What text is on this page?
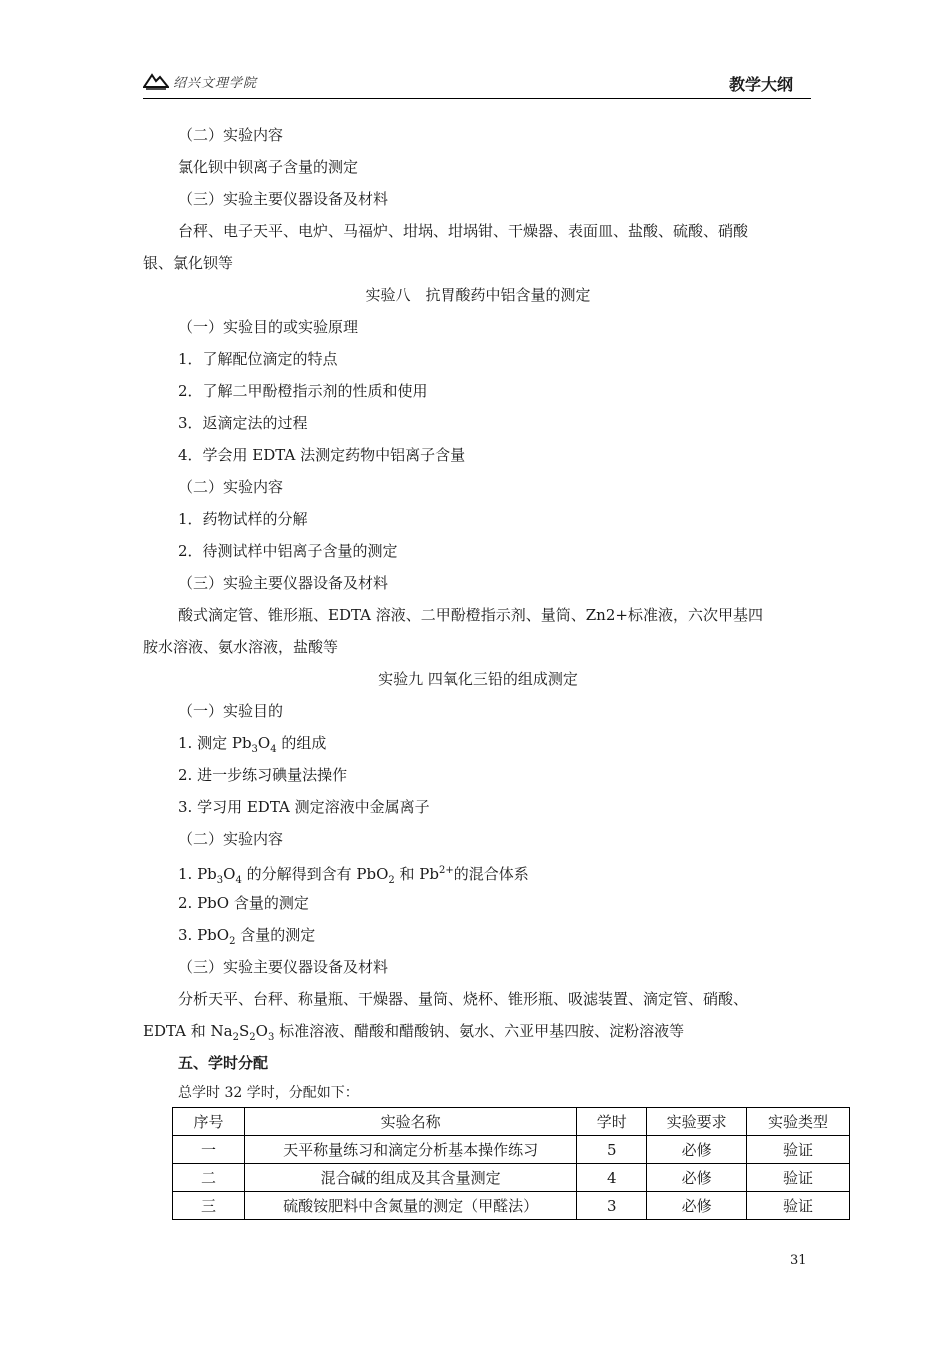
绍兴文理学院	教学大纲
（二）实验内容
氯化钡中钡离子含量的测定
（三）实验主要仪器设备及材料
台秤、电子天平、电炉、马福炉、坩埚、坩埚钳、干燥器、表面皿、盐酸、硫酸、硝酸
银、氯化钡等
实验八　抗胃酸药中铝含量的测定
（一）实验目的或实验原理
1．了解配位滴定的特点
2．了解二甲酚橙指示剂的性质和使用
3．返滴定法的过程
4．学会用 EDTA 法测定药物中铝离子含量
（二）实验内容
1．药物试样的分解
2．待测试样中铝离子含量的测定
（三）实验主要仪器设备及材料
酸式滴定管、锥形瓶、EDTA 溶液、二甲酚橙指示剂、量筒、Zn2+标准液，六次甲基四
胺水溶液、氨水溶液，盐酸等
实验九 四氧化三铅的组成测定
（一）实验目的
1. 测定 $Pb_3O_4$ 的组成
2. 进一步练习碘量法操作
3. 学习用 EDTA 测定溶液中金属离子
（二）实验内容
1. $Pb_3O_4$ 的分解得到含有 PbO$_2$ 和 $Pb^{2+}$的混合体系
2. PbO 含量的测定
3. PbO$_2$ 含量的测定
（三）实验主要仪器设备及材料
分析天平、台秤、称量瓶、干燥器、量筒、烧杯、锥形瓶、吸滤装置、滴定管、硝酸、
EDTA 和 $Na_2S_2O_3$ 标准溶液、醋酸和醋酸钠、氨水、六亚甲基四胺、淀粉溶液等
五、学时分配
总学时 32 学时，分配如下：
序号	实验名称	学时	实验要求	实验类型
一	天平称量练习和滴定分析基本操作练习	5	必修	验证
二	混合碱的组成及其含量测定	4	必修	验证
三	硫酸铵肥料中含氮量的测定（甲醛法）	3	必修	验证
31
